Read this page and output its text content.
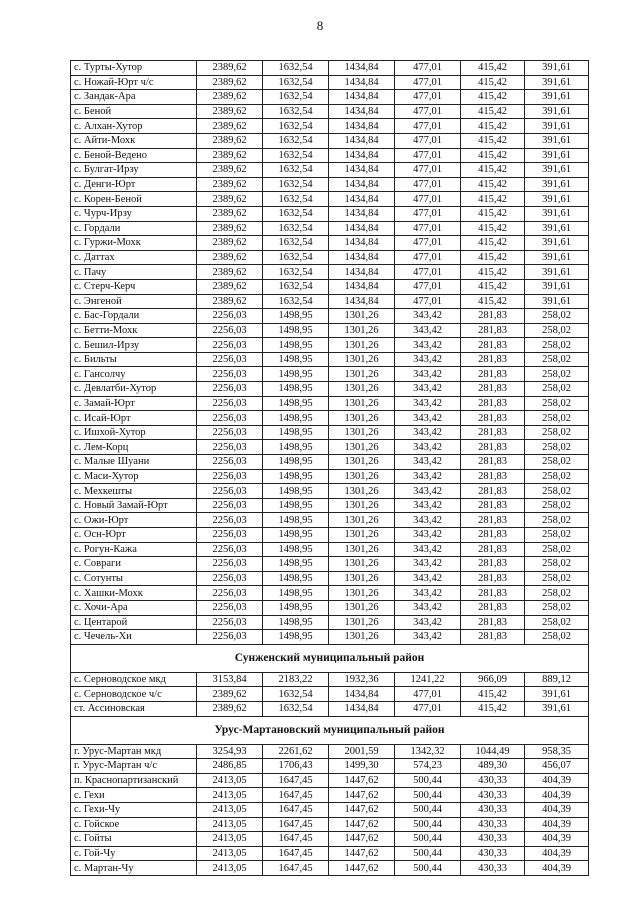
8
с. Турты-Хутор	2389,62	1632,54	1434,84	477,01	415,42	391,61
с. Ножай-Юрт ч/с	2389,62	1632,54	1434,84	477,01	415,42	391,61
с. Зандак-Ара	2389,62	1632,54	1434,84	477,01	415,42	391,61
с. Беной	2389,62	1632,54	1434,84	477,01	415,42	391,61
с. Алхан-Хутор	2389,62	1632,54	1434,84	477,01	415,42	391,61
с. Айти-Мохк	2389,62	1632,54	1434,84	477,01	415,42	391,61
с. Беной-Ведено	2389,62	1632,54	1434,84	477,01	415,42	391,61
с. Булгат-Ирзу	2389,62	1632,54	1434,84	477,01	415,42	391,61
с. Денги-Юрт	2389,62	1632,54	1434,84	477,01	415,42	391,61
с. Корен-Беной	2389,62	1632,54	1434,84	477,01	415,42	391,61
с. Чурч-Ирзу	2389,62	1632,54	1434,84	477,01	415,42	391,61
с. Гордали	2389,62	1632,54	1434,84	477,01	415,42	391,61
с. Гуржи-Мохк	2389,62	1632,54	1434,84	477,01	415,42	391,61
с. Даттах	2389,62	1632,54	1434,84	477,01	415,42	391,61
с. Пачу	2389,62	1632,54	1434,84	477,01	415,42	391,61
с. Стерч-Керч	2389,62	1632,54	1434,84	477,01	415,42	391,61
с. Энгеной	2389,62	1632,54	1434,84	477,01	415,42	391,61
с. Бас-Гордали	2256,03	1498,95	1301,26	343,42	281,83	258,02
с. Бетти-Мохк	2256,03	1498,95	1301,26	343,42	281,83	258,02
с. Бешил-Ирзу	2256,03	1498,95	1301,26	343,42	281,83	258,02
с. Бильты	2256,03	1498,95	1301,26	343,42	281,83	258,02
с. Гансолчу	2256,03	1498,95	1301,26	343,42	281,83	258,02
с. Девлатби-Хутор	2256,03	1498,95	1301,26	343,42	281,83	258,02
с. Замай-Юрт	2256,03	1498,95	1301,26	343,42	281,83	258,02
с. Исай-Юрт	2256,03	1498,95	1301,26	343,42	281,83	258,02
с. Ишхой-Хутор	2256,03	1498,95	1301,26	343,42	281,83	258,02
с. Лем-Корц	2256,03	1498,95	1301,26	343,42	281,83	258,02
с. Малые Шуани	2256,03	1498,95	1301,26	343,42	281,83	258,02
с. Маси-Хутор	2256,03	1498,95	1301,26	343,42	281,83	258,02
с. Мехкешты	2256,03	1498,95	1301,26	343,42	281,83	258,02
с. Новый Замай-Юрт	2256,03	1498,95	1301,26	343,42	281,83	258,02
с. Ожи-Юрт	2256,03	1498,95	1301,26	343,42	281,83	258,02
с. Осн-Юрт	2256,03	1498,95	1301,26	343,42	281,83	258,02
с. Рогун-Кажа	2256,03	1498,95	1301,26	343,42	281,83	258,02
с. Совраги	2256,03	1498,95	1301,26	343,42	281,83	258,02
с. Сотунты	2256,03	1498,95	1301,26	343,42	281,83	258,02
с. Хашки-Мохк	2256,03	1498,95	1301,26	343,42	281,83	258,02
с. Хочи-Ара	2256,03	1498,95	1301,26	343,42	281,83	258,02
с. Центарой	2256,03	1498,95	1301,26	343,42	281,83	258,02
с. Чечель-Хи	2256,03	1498,95	1301,26	343,42	281,83	258,02
Сунженский муниципальный район						
с. Серноводское мкд	3153,84	2183,22	1932,36	1241,22	966,09	889,12
с. Серноводское ч/с	2389,62	1632,54	1434,84	477,01	415,42	391,61
ст. Ассиновская	2389,62	1632,54	1434,84	477,01	415,42	391,61
Урус-Мартановский муниципальный район						
г. Урус-Мартан мкд	3254,93	2261,62	2001,59	1342,32	1044,49	958,35
г. Урус-Мартан ч/с	2486,85	1706,43	1499,30	574,23	489,30	456,07
п. Краснопартизанский	2413,05	1647,45	1447,62	500,44	430,33	404,39
с. Гехи	2413,05	1647,45	1447,62	500,44	430,33	404,39
с. Гехи-Чу	2413,05	1647,45	1447,62	500,44	430,33	404,39
с. Гойское	2413,05	1647,45	1447,62	500,44	430,33	404,39
с. Гойты	2413,05	1647,45	1447,62	500,44	430,33	404,39
с. Гой-Чу	2413,05	1647,45	1447,62	500,44	430,33	404,39
с. Мартан-Чу	2413,05	1647,45	1447,62	500,44	430,33	404,39
